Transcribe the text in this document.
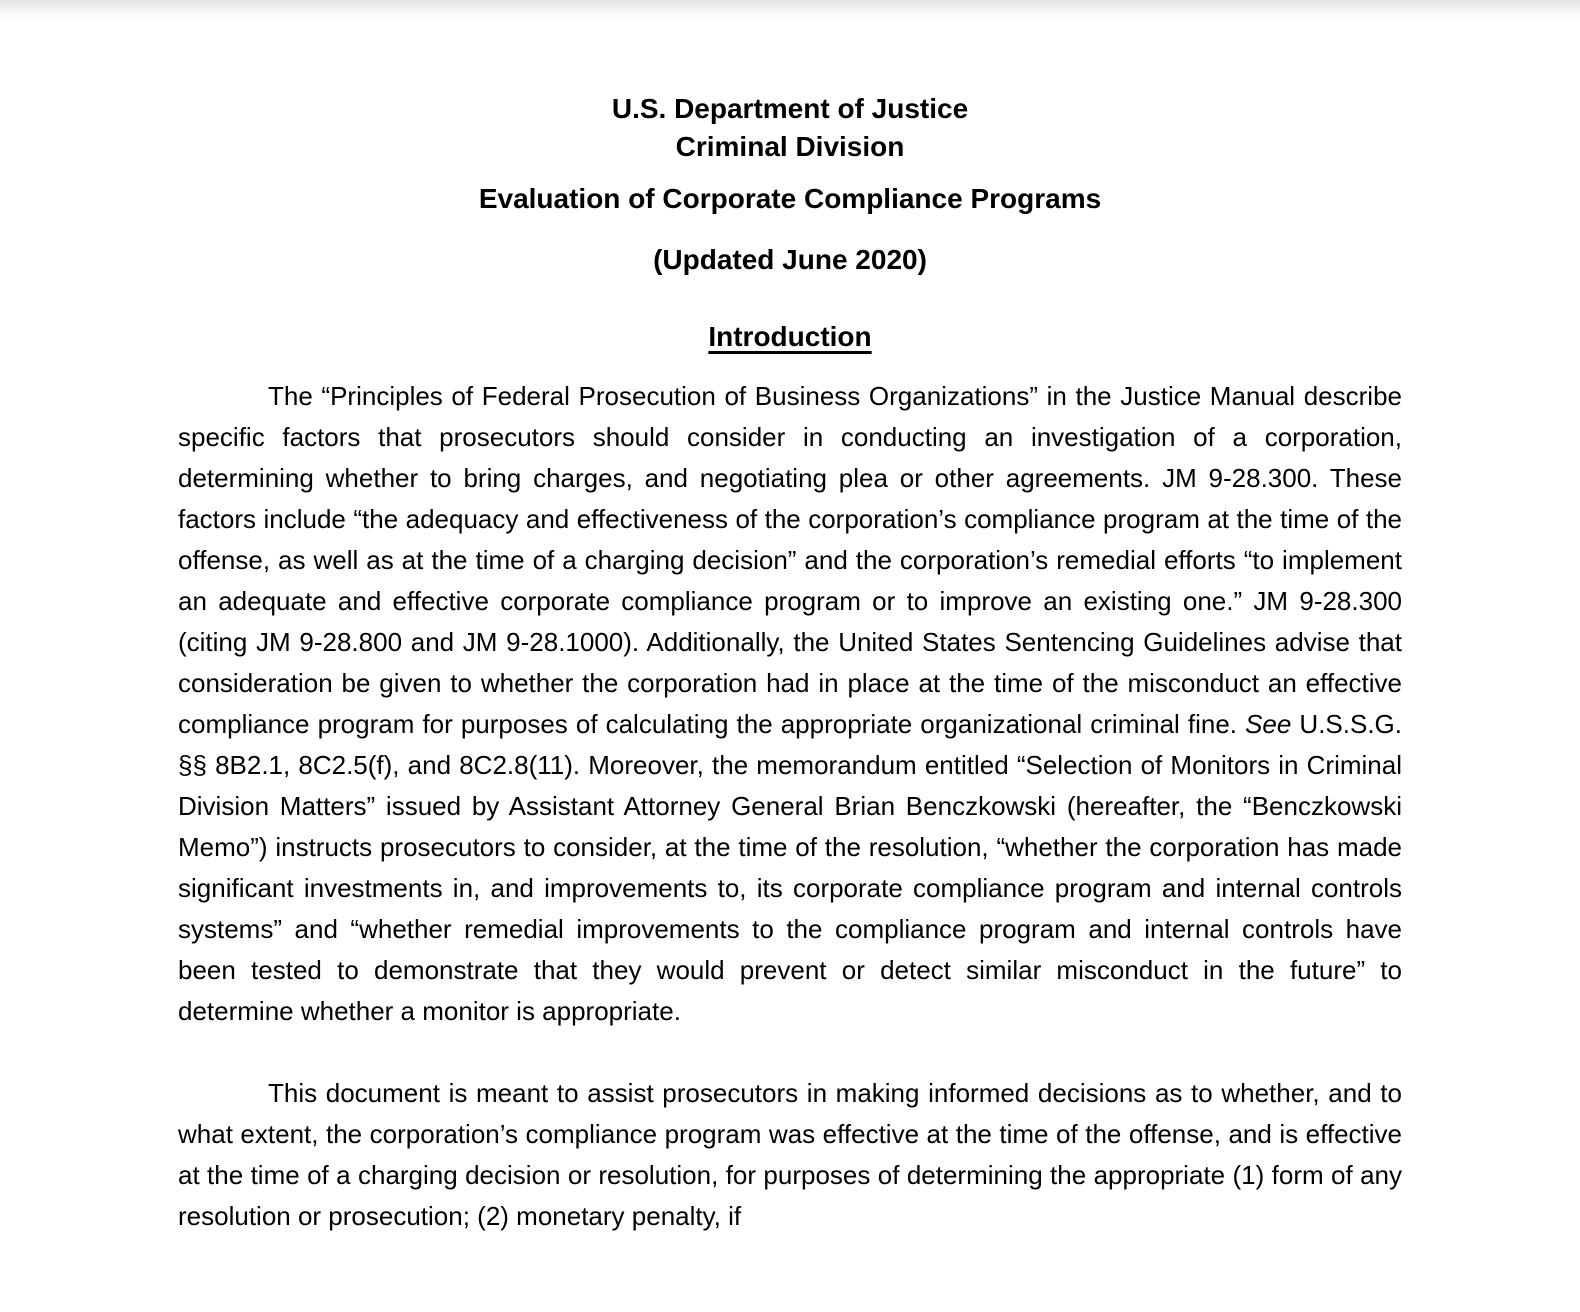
U.S. Department of Justice
Criminal Division
Evaluation of Corporate Compliance Programs
(Updated June 2020)
Introduction

The “Principles of Federal Prosecution of Business Organizations” in the Justice Manual describe specific factors that prosecutors should consider in conducting an investigation of a corporation, determining whether to bring charges, and negotiating plea or other agreements. JM 9-28.300. These factors include “the adequacy and effectiveness of the corporation’s compliance program at the time of the offense, as well as at the time of a charging decision” and the corporation’s remedial efforts “to implement an adequate and effective corporate compliance program or to improve an existing one.” JM 9-28.300 (citing JM 9-28.800 and JM 9-28.1000). Additionally, the United States Sentencing Guidelines advise that consideration be given to whether the corporation had in place at the time of the misconduct an effective compliance program for purposes of calculating the appropriate organizational criminal fine. See U.S.S.G. §§ 8B2.1, 8C2.5(f), and 8C2.8(11). Moreover, the memorandum entitled “Selection of Monitors in Criminal Division Matters” issued by Assistant Attorney General Brian Benczkowski (hereafter, the “Benczkowski Memo”) instructs prosecutors to consider, at the time of the resolution, “whether the corporation has made significant investments in, and improvements to, its corporate compliance program and internal controls systems” and “whether remedial improvements to the compliance program and internal controls have been tested to demonstrate that they would prevent or detect similar misconduct in the future” to determine whether a monitor is appropriate.

This document is meant to assist prosecutors in making informed decisions as to whether, and to what extent, the corporation’s compliance program was effective at the time of the offense, and is effective at the time of a charging decision or resolution, for purposes of determining the appropriate (1) form of any resolution or prosecution; (2) monetary penalty, if
